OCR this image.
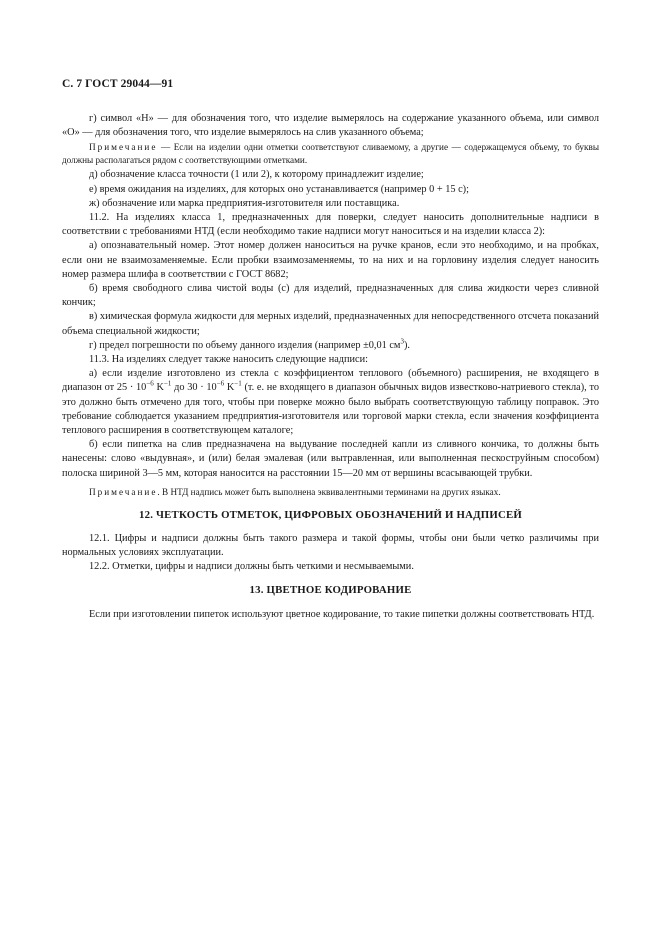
С. 7 ГОСТ 29044—91

г) символ «Н» — для обозначения того, что изделие вымерялось на содержание указанного объема, или символ «О» — для обозначения того, что изделие вымерялось на слив указанного объема;

Примечание — Если на изделии одни отметки соответствуют сливаемому, а другие — содержащемуся объему, то буквы должны располагаться рядом с соответствующими отметками.

д) обозначение класса точности (1 или 2), к которому принадлежит изделие;

е) время ожидания на изделиях, для которых оно устанавливается (например 0 + 15 с);

ж) обозначение или марка предприятия-изготовителя или поставщика.

11.2. На изделиях класса 1, предназначенных для поверки, следует наносить дополнительные надписи в соответствии с требованиями НТД (если необходимо такие надписи могут наноситься и на изделии класса 2):

а) опознавательный номер. Этот номер должен наноситься на ручке кранов, если это необходимо, и на пробках, если они не взаимозаменяемые. Если пробки взаимозаменяемы, то на них и на горловину изделия следует наносить номер размера шлифа в соответствии с ГОСТ 8682;

б) время свободного слива чистой воды (с) для изделий, предназначенных для слива жидкости через сливной кончик;

в) химическая формула жидкости для мерных изделий, предназначенных для непосредственного отсчета показаний объема специальной жидкости;

г) предел погрешности по объему данного изделия (например ±0,01 $см^3$).

11.3. На изделиях следует также наносить следующие надписи:

а) если изделие изготовлено из стекла с коэффициентом теплового (объемного) расширения, не входящего в диапазон от $25 \cdot 10^{-6}$ $K^{-1}$ до $30 \cdot 10^{-6}$ $K^{-1}$ (т. е. не входящего в диапазон обычных видов известково-натриевого стекла), то это должно быть отмечено для того, чтобы при поверке можно было выбрать соответствующую таблицу поправок. Это требование соблюдается указанием предприятия-изготовителя или торговой марки стекла, если значения коэффициента теплового расширения в соответствующем каталоге;

б) если пипетка на слив предназначена на выдувание последней капли из сливного кончика, то должны быть нанесены: слово «выдувная», и (или) белая эмалевая (или вытравленная, или выполненная пескоструйным способом) полоска шириной 3—5 мм, которая наносится на расстоянии 15—20 мм от вершины всасывающей трубки.

Примечание. В НТД надпись может быть выполнена эквивалентными терминами на других языках.

12. ЧЕТКОСТЬ ОТМЕТОК, ЦИФРОВЫХ ОБОЗНАЧЕНИЙ И НАДПИСЕЙ

12.1. Цифры и надписи должны быть такого размера и такой формы, чтобы они были четко различимы при нормальных условиях эксплуатации.

12.2. Отметки, цифры и надписи должны быть четкими и несмываемыми.

13. ЦВЕТНОЕ КОДИРОВАНИЕ

Если при изготовлении пипеток используют цветное кодирование, то такие пипетки должны соответствовать НТД.
